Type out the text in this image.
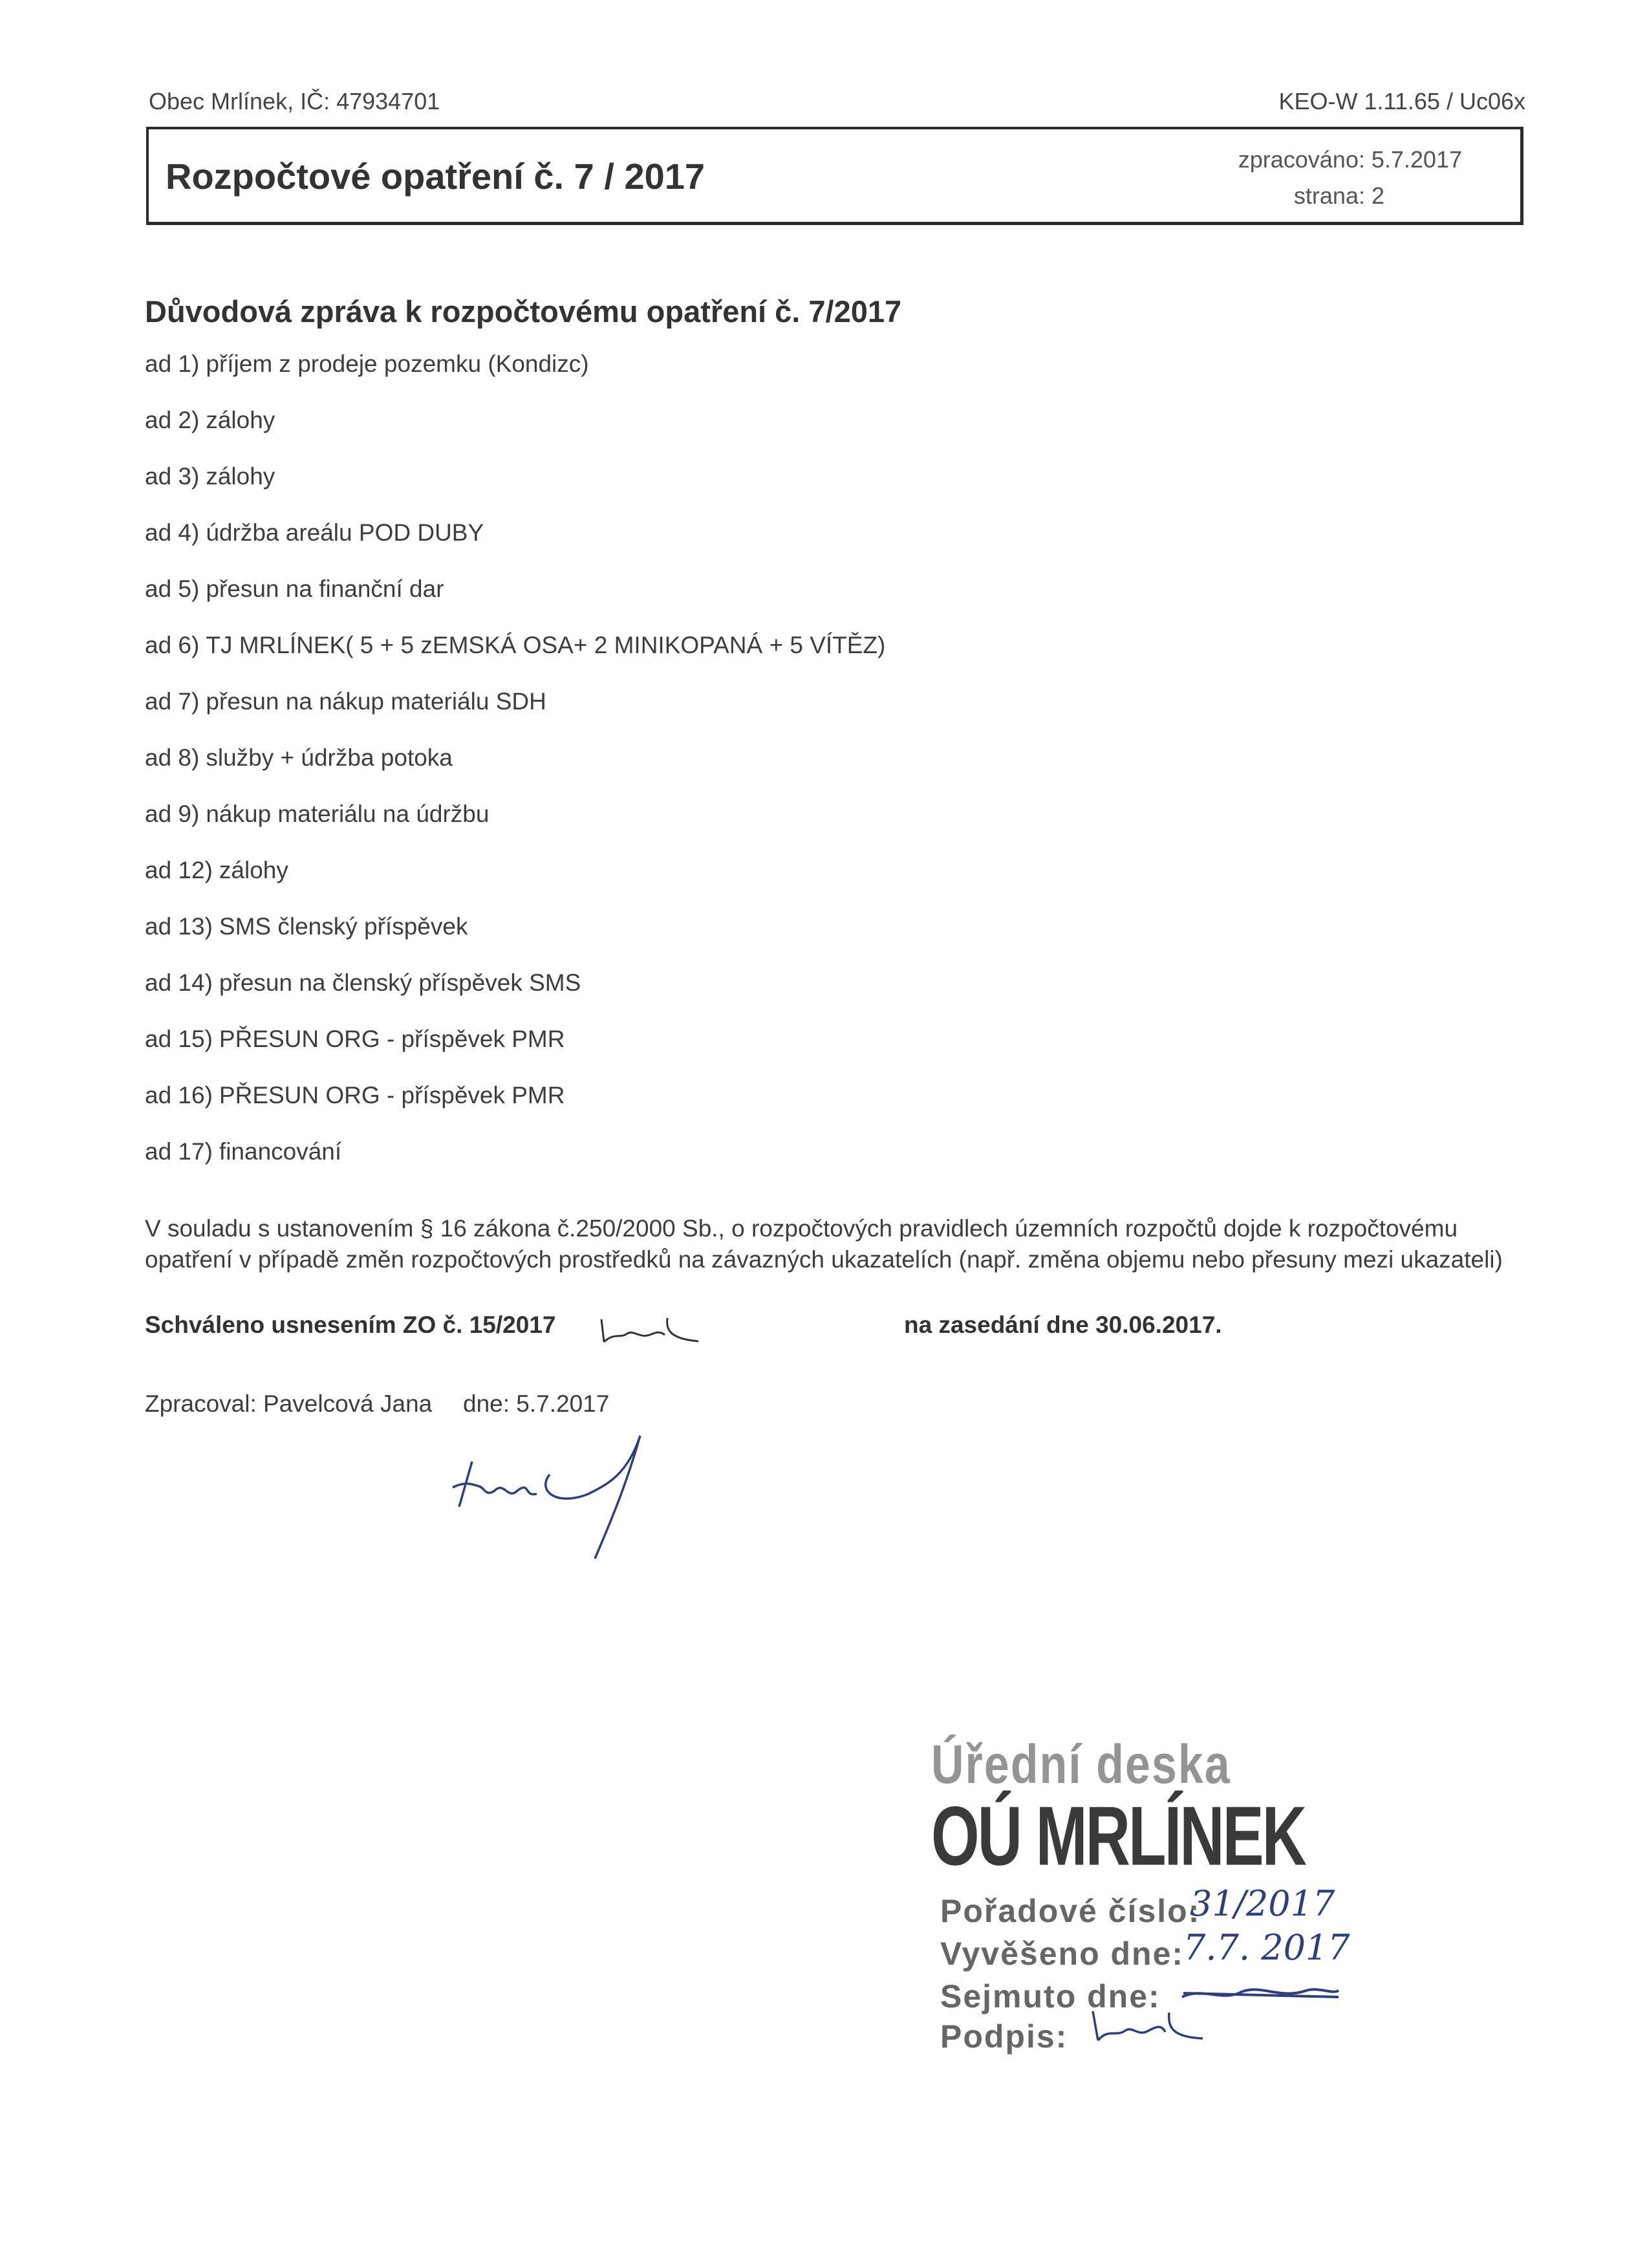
Obec Mrlínek, IČ: 47934701	KEO-W 1.11.65 / Uc06x
Rozpočtové opatření č. 7 / 2017	zpracováno: 5.7.2017
strana: 2
Důvodová zpráva k rozpočtovému opatření č. 7/2017
ad 1) příjem z prodeje pozemku (Kondizc)
ad 2) zálohy
ad 3) zálohy
ad 4) údržba areálu POD DUBY
ad 5) přesun na finanční dar
ad 6) TJ MRLÍNEK( 5 + 5 zEMSKÁ OSA+ 2 MINIKOPANÁ + 5 VÍTĚZ)
ad 7) přesun na nákup materiálu SDH
ad 8) služby + údržba potoka
ad 9) nákup materiálu na údržbu
ad 12) zálohy
ad 13) SMS členský příspěvek
ad 14) přesun na členský příspěvek SMS
ad 15) PŘESUN ORG - příspěvek PMR
ad 16) PŘESUN ORG - příspěvek PMR
ad 17) financování
V souladu s ustanovením § 16 zákona č.250/2000 Sb., o rozpočtových pravidlech územních rozpočtů dojde k rozpočtovému opatření v případě změn rozpočtových prostředků na závazných ukazatelích (např. změna objemu nebo přesuny mezi ukazateli)
Schváleno usnesením ZO č. 15/2017	na zasedání dne 30.06.2017.
Zpracoval: Pavelcová Jana dne: 5.7.2017
Úřední deska
OÚ MRLÍNEK
Pořadové číslo:
31/2017
Vyvěšeno dne:
7.7. 2017
Sejmuto dne:
Podpis:
